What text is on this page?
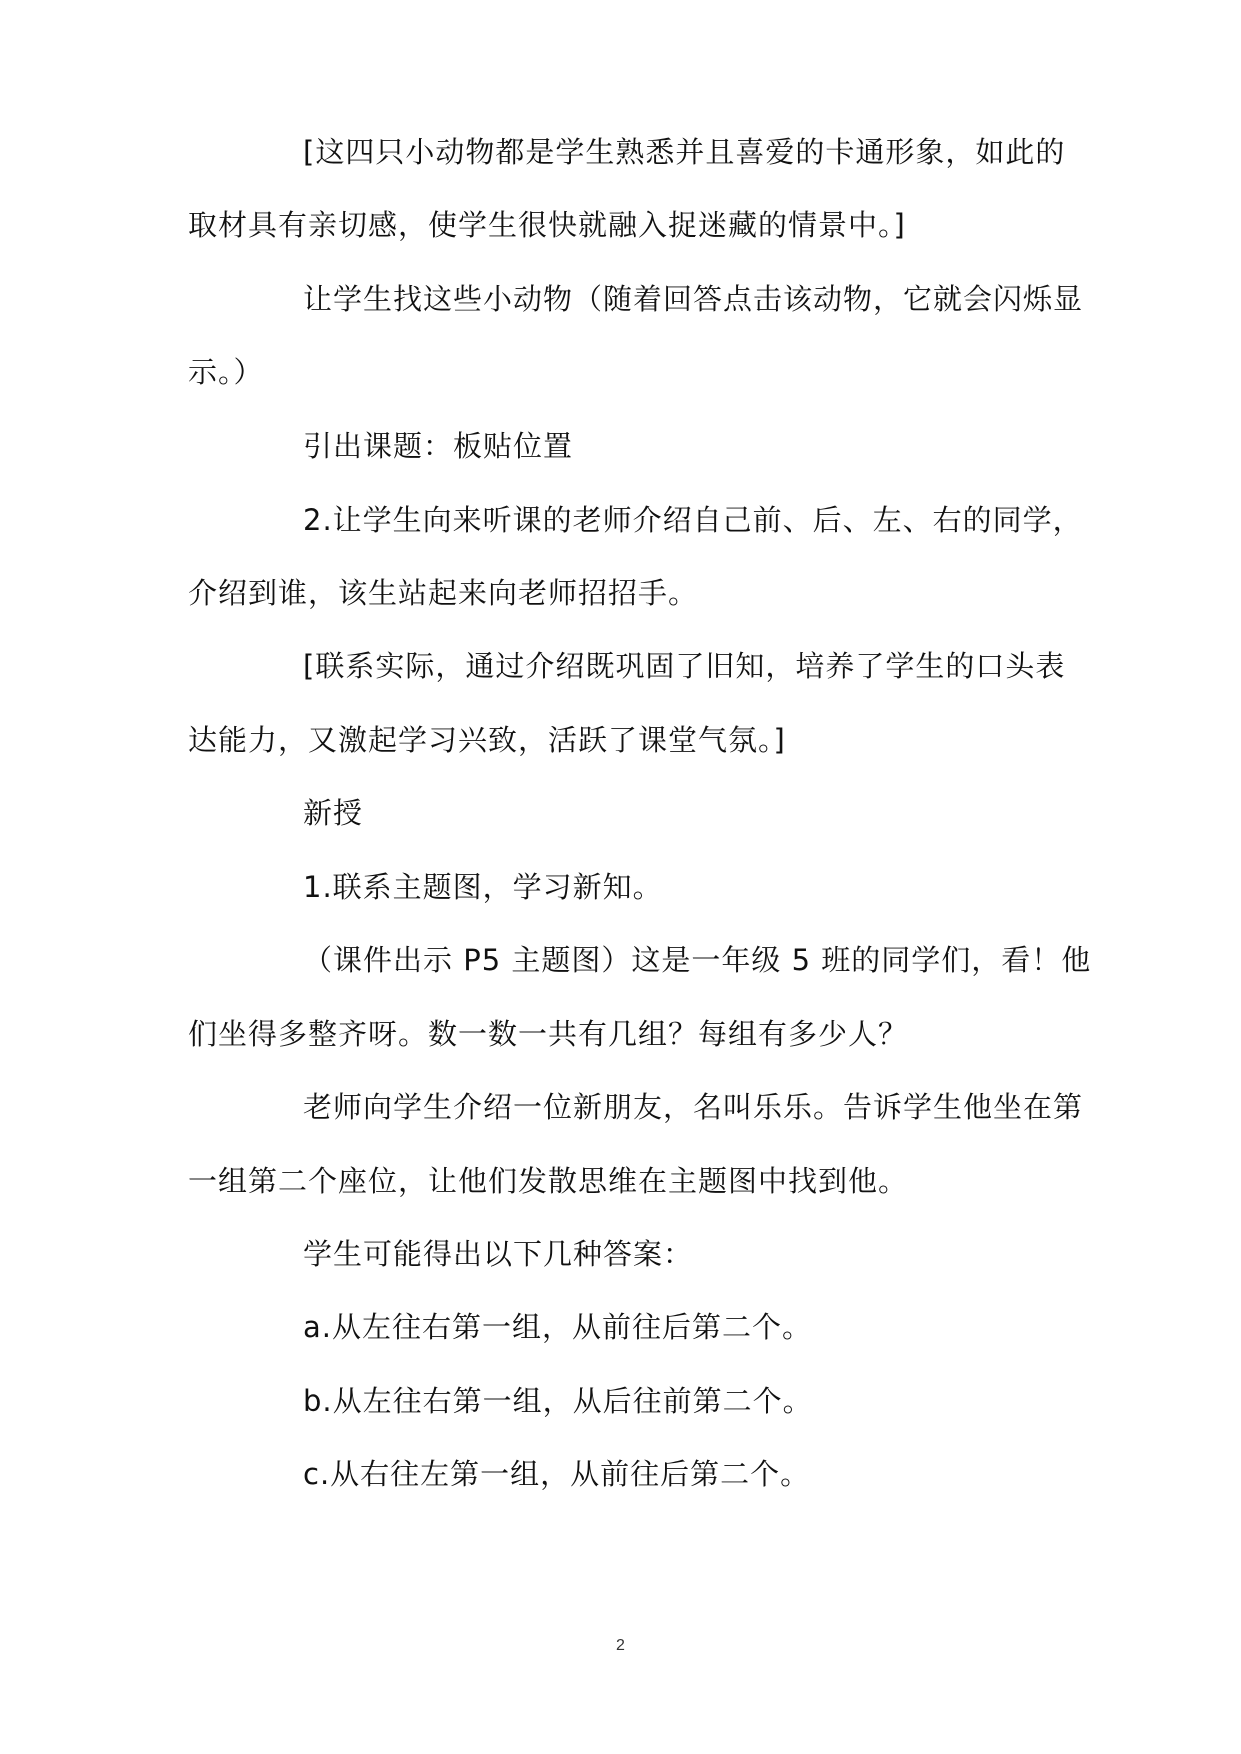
[这四只小动物都是学生熟悉并且喜爱的卡通形象，如此的
取材具有亲切感，使学生很快就融入捉迷藏的情景中。]
让学生找这些小动物（随着回答点击该动物，它就会闪烁显
示。）
引出课题：板贴位置
2.让学生向来听课的老师介绍自己前、后、左、右的同学，
介绍到谁，该生站起来向老师招招手。
[联系实际，通过介绍既巩固了旧知，培养了学生的口头表
达能力，又激起学习兴致，活跃了课堂气氛。]
新授
1.联系主题图，学习新知。
（课件出示 P5 主题图）这是一年级 5 班的同学们，看！他
们坐得多整齐呀。数一数一共有几组？每组有多少人？
老师向学生介绍一位新朋友，名叫乐乐。告诉学生他坐在第
一组第二个座位，让他们发散思维在主题图中找到他。
学生可能得出以下几种答案：
a.从左往右第一组，从前往后第二个。
b.从左往右第一组，从后往前第二个。
c.从右往左第一组，从前往后第二个。
2
